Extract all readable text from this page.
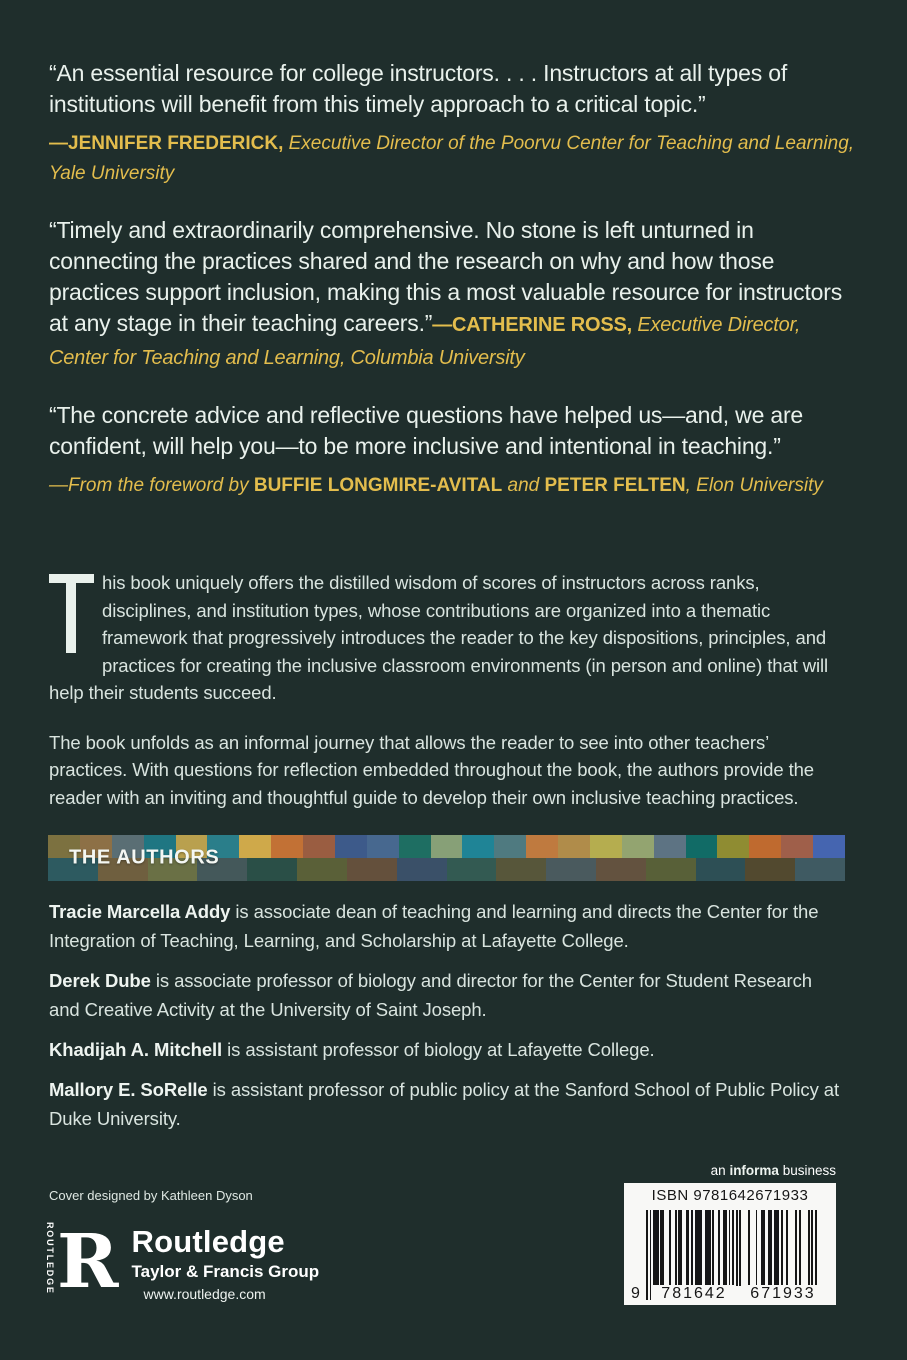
“An essential resource for college instructors. . . . Instructors at all types of institutions will benefit from this timely approach to a critical topic.”

—JENNIFER FREDERICK, Executive Director of the Poorvu Center for Teaching and Learning, Yale University

“Timely and extraordinarily comprehensive. No stone is left unturned in connecting the practices shared and the research on why and how those practices support inclusion, making this a most valuable resource for instructors at any stage in their teaching careers.”—CATHERINE ROSS, Executive Director, Center for Teaching and Learning, Columbia University

“The concrete advice and reflective questions have helped us—and, we are confident, will help you—to be more inclusive and intentional in teaching.”

—From the foreword by BUFFIE LONGMIRE-AVITAL and PETER FELTEN, Elon University

his book uniquely offers the distilled wisdom of scores of instructors across ranks, disciplines, and institution types, whose contributions are organized into a thematic framework that progressively introduces the reader to the key dispositions, principles, and practices for creating the inclusive classroom environments (in person and online) that will help their students succeed.

The book unfolds as an informal journey that allows the reader to see into other teachers’ practices. With questions for reflection embedded throughout the book, the authors provide the reader with an inviting and thoughtful guide to develop their own inclusive teaching practices.

THE AUTHORS

Tracie Marcella Addy is associate dean of teaching and learning and directs the Center for the Integration of Teaching, Learning, and Scholarship at Lafayette College.

Derek Dube is associate professor of biology and director for the Center for Student Research and Creative Activity at the University of Saint Joseph.

Khadijah A. Mitchell is assistant professor of biology at Lafayette College.

Mallory E. SoRelle is assistant professor of public policy at the Sanford School of Public Policy at Duke University.

Cover designed by Kathleen Dyson

ROUTLEDGE R Routledge
Taylor & Francis Group
www.routledge.com

an informa business

ISBN 9781642671933
9	781642	671933
